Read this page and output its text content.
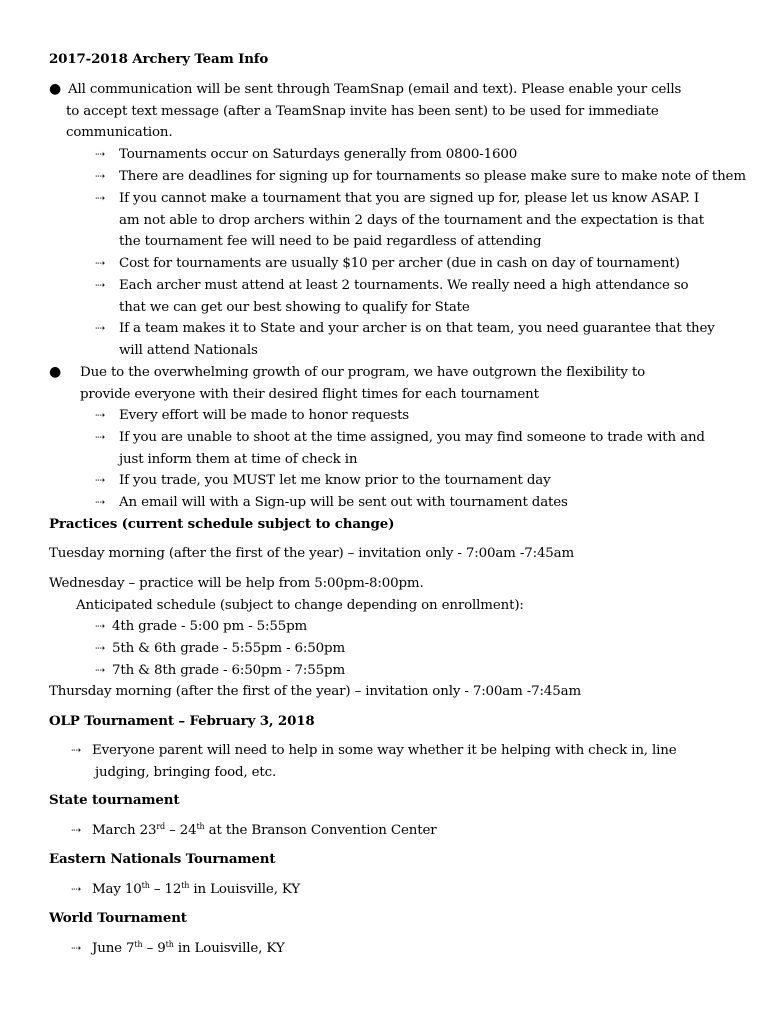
2017-2018 Archery Team Info
● All communication will be sent through TeamSnap (email and text). Please enable your cells to accept text message (after a TeamSnap invite has been sent) to be used for immediate communication.
⇢ Tournaments occur on Saturdays generally from 0800-1600
⇢ There are deadlines for signing up for tournaments so please make sure to make note of them
⇢ If you cannot make a tournament that you are signed up for, please let us know ASAP. I am not able to drop archers within 2 days of the tournament and the expectation is that the tournament fee will need to be paid regardless of attending
⇢ Cost for tournaments are usually $10 per archer (due in cash on day of tournament)
⇢ Each archer must attend at least 2 tournaments. We really need a high attendance so that we can get our best showing to qualify for State
⇢ If a team makes it to State and your archer is on that team, you need guarantee that they will attend Nationals
● Due to the overwhelming growth of our program, we have outgrown the flexibility to provide everyone with their desired flight times for each tournament
⇢ Every effort will be made to honor requests
⇢ If you are unable to shoot at the time assigned, you may find someone to trade with and just inform them at time of check in
⇢ If you trade, you MUST let me know prior to the tournament day
⇢ An email will with a Sign-up will be sent out with tournament dates
Practices (current schedule subject to change)
Tuesday morning (after the first of the year) – invitation only - 7:00am -7:45am
Wednesday – practice will be help from 5:00pm-8:00pm.
Anticipated schedule (subject to change depending on enrollment):
⇢ 4th grade - 5:00 pm - 5:55pm
⇢ 5th & 6th grade - 5:55pm - 6:50pm
⇢ 7th & 8th grade - 6:50pm - 7:55pm
Thursday morning (after the first of the year) – invitation only - 7:00am -7:45am
OLP Tournament – February 3, 2018
⇢ Everyone parent will need to help in some way whether it be helping with check in, line judging, bringing food, etc.
State tournament
⇢ March 23rd – 24th at the Branson Convention Center
Eastern Nationals Tournament
⇢ May 10th – 12th in Louisville, KY
World Tournament
⇢ June 7th – 9th in Louisville, KY
